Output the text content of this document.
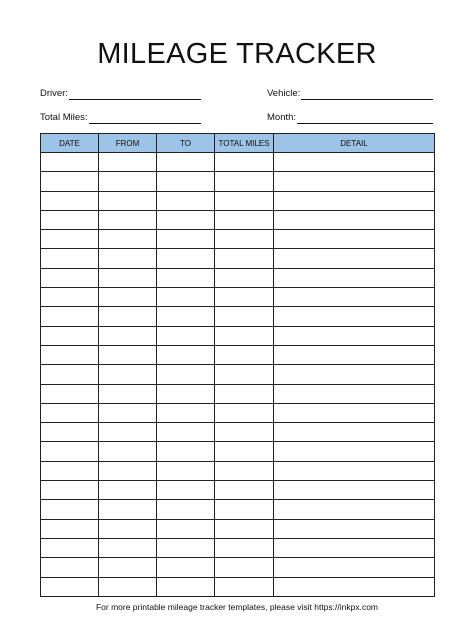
MILEAGE TRACKER
Driver:	Vehicle:
Total Miles:	Month:
DATE	FROM	TO	TOTAL MILES	DETAIL

For more printable mileage tracker templates, please visit https://inkpx.com
